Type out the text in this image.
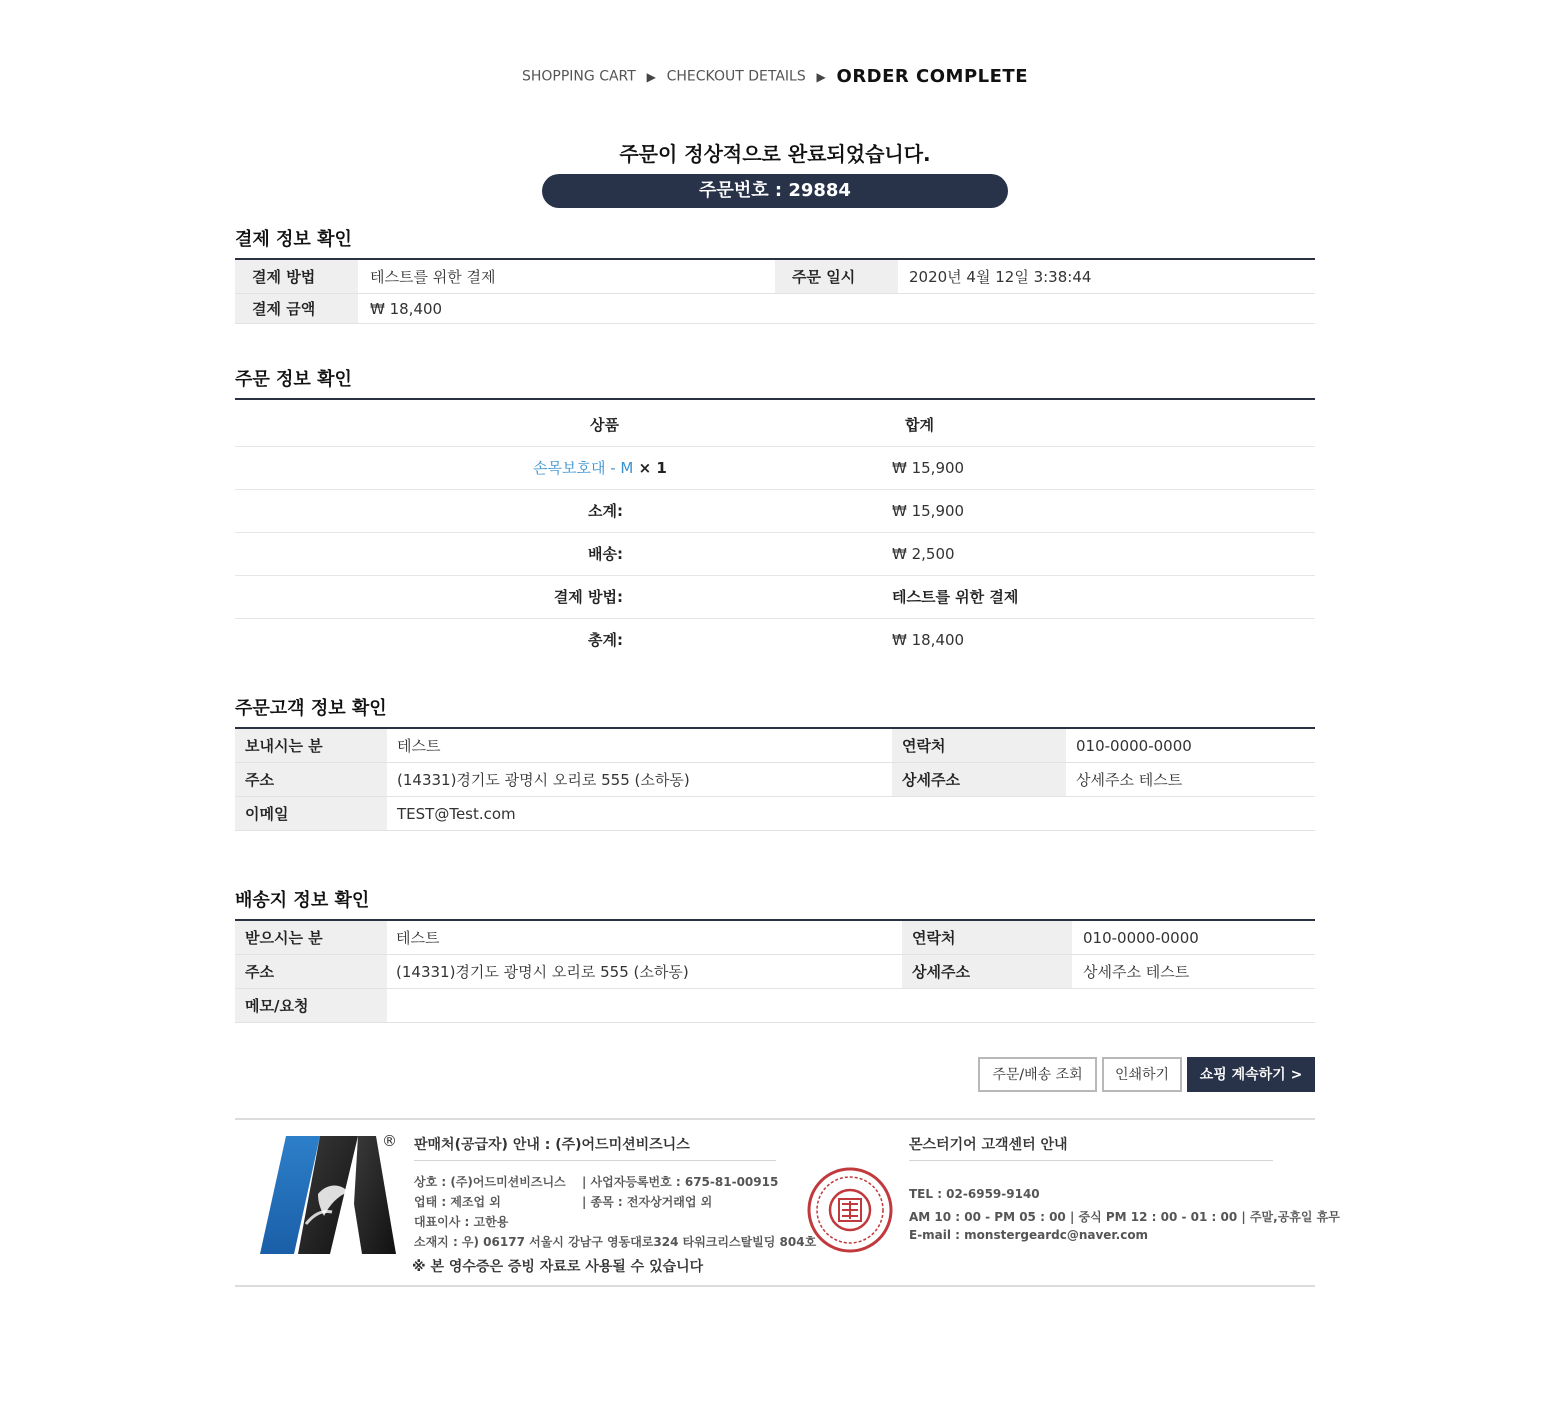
SHOPPING CART ▶ CHECKOUT DETAILS ▶ ORDER COMPLETE
주문이 정상적으로 완료되었습니다.
주문번호 : 29884
결제 정보 확인
결제 방법	테스트를 위한 결제	주문 일시	2020년 4월 12일 3:38:44
결제 금액	₩ 18,400
주문 정보 확인
상품	합계
손목보호대 - M × 1	₩ 15,900
소계:	₩ 15,900
배송:	₩ 2,500
결제 방법:	테스트를 위한 결제
총계:	₩ 18,400
주문고객 정보 확인
보내시는 분	테스트	연락처	010-0000-0000
주소	(14331)경기도 광명시 오리로 555 (소하동)	상세주소	상세주소 테스트
이메일	TEST@Test.com
배송지 정보 확인
받으시는 분	테스트	연락처	010-0000-0000
주소	(14331)경기도 광명시 오리로 555 (소하동)	상세주소	상세주소 테스트
메모/요청
주문/배송 조회	인쇄하기	쇼핑 계속하기 >
® 판매처(공급자) 안내 : (주)어드미션비즈니스
상호 : (주)어드미션비즈니스 | 사업자등록번호 : 675-81-00915
업태 : 제조업 외	| 종목 : 전자상거래업 외
대표이사 : 고한용
소재지 : 우) 06177 서울시 강남구 영동대로324 타워크리스탈빌딩 804호
※ 본 영수증은 증빙 자료로 사용될 수 있습니다
몬스터기어 고객센터 안내
TEL : 02-6959-9140
AM 10 : 00 - PM 05 : 00 | 중식 PM 12 : 00 - 01 : 00 | 주말,공휴일 휴무
E-mail : monstergeardc@naver.com
